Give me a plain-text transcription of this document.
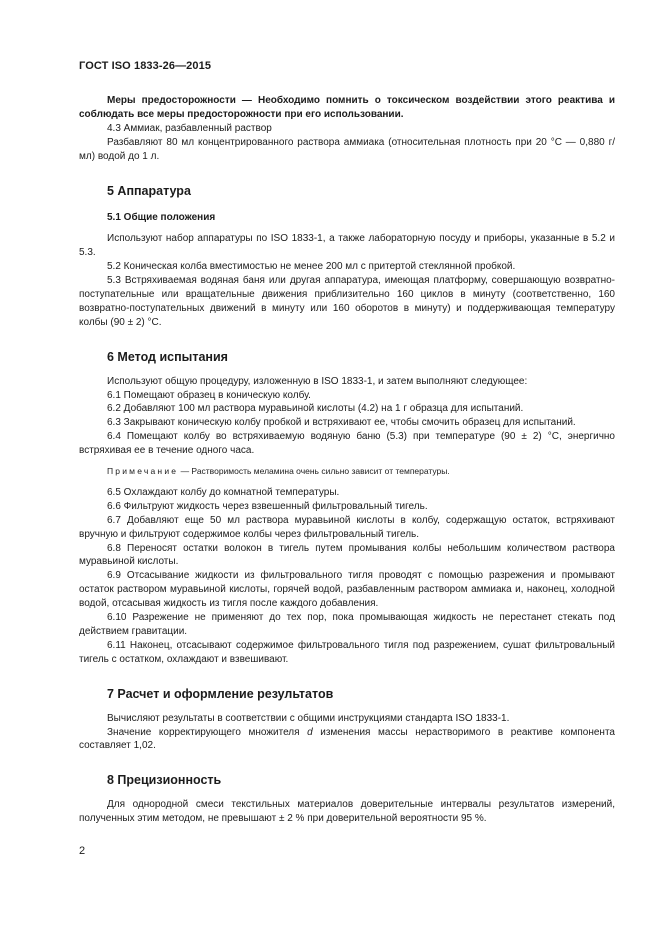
ГОСТ ISO 1833-26—2015

Меры предосторожности — Необходимо помнить о токсическом воздействии этого реактива и соблюдать все меры предосторожности при его использовании.

4.3 Аммиак, разбавленный раствор

Разбавляют 80 мл концентрированного раствора аммиака (относительная плотность при 20 °С — 0,880 г/мл) водой до 1 л.

5 Аппаратура

5.1 Общие положения

Используют набор аппаратуры по ISO 1833-1, а также лабораторную посуду и приборы, указанные в 5.2 и 5.3.

5.2 Коническая колба вместимостью не менее 200 мл с притертой стеклянной пробкой.

5.3 Встряхиваемая водяная баня или другая аппаратура, имеющая платформу, совершающую возвратно-поступательные или вращательные движения приблизительно 160 циклов в минуту (соответственно, 160 возвратно-поступательных движений в минуту или 160 оборотов в минуту) и поддерживающая температуру колбы (90 ± 2) °С.

6 Метод испытания

Используют общую процедуру, изложенную в ISO 1833-1, и затем выполняют следующее:

6.1 Помещают образец в коническую колбу.

6.2 Добавляют 100 мл раствора муравьиной кислоты (4.2) на 1 г образца для испытаний.

6.3 Закрывают коническую колбу пробкой и встряхивают ее, чтобы смочить образец для испытаний.

6.4 Помещают колбу во встряхиваемую водяную баню (5.3) при температуре (90 ± 2) °С, энергично встряхивая ее в течение одного часа.

Примечание — Растворимость меламина очень сильно зависит от температуры.

6.5 Охлаждают колбу до комнатной температуры.

6.6 Фильтруют жидкость через взвешенный фильтровальный тигель.

6.7 Добавляют еще 50 мл раствора муравьиной кислоты в колбу, содержащую остаток, встряхивают вручную и фильтруют содержимое колбы через фильтровальный тигель.

6.8 Переносят остатки волокон в тигель путем промывания колбы небольшим количеством раствора муравьиной кислоты.

6.9 Отсасывание жидкости из фильтровального тигля проводят с помощью разрежения и промывают остаток раствором муравьиной кислоты, горячей водой, разбавленным раствором аммиака и, наконец, холодной водой, отсасывая жидкость из тигля после каждого добавления.

6.10 Разрежение не применяют до тех пор, пока промывающая жидкость не перестанет стекать под действием гравитации.

6.11 Наконец, отсасывают содержимое фильтровального тигля под разрежением, сушат фильтровальный тигель с остатком, охлаждают и взвешивают.

7 Расчет и оформление результатов

Вычисляют результаты в соответствии с общими инструкциями стандарта ISO 1833-1.

Значение корректирующего множителя d изменения массы нерастворимого в реактиве компонента составляет 1,02.

8 Прецизионность

Для однородной смеси текстильных материалов доверительные интервалы результатов измерений, полученных этим методом, не превышают ± 2 % при доверительной вероятности 95 %.

2
